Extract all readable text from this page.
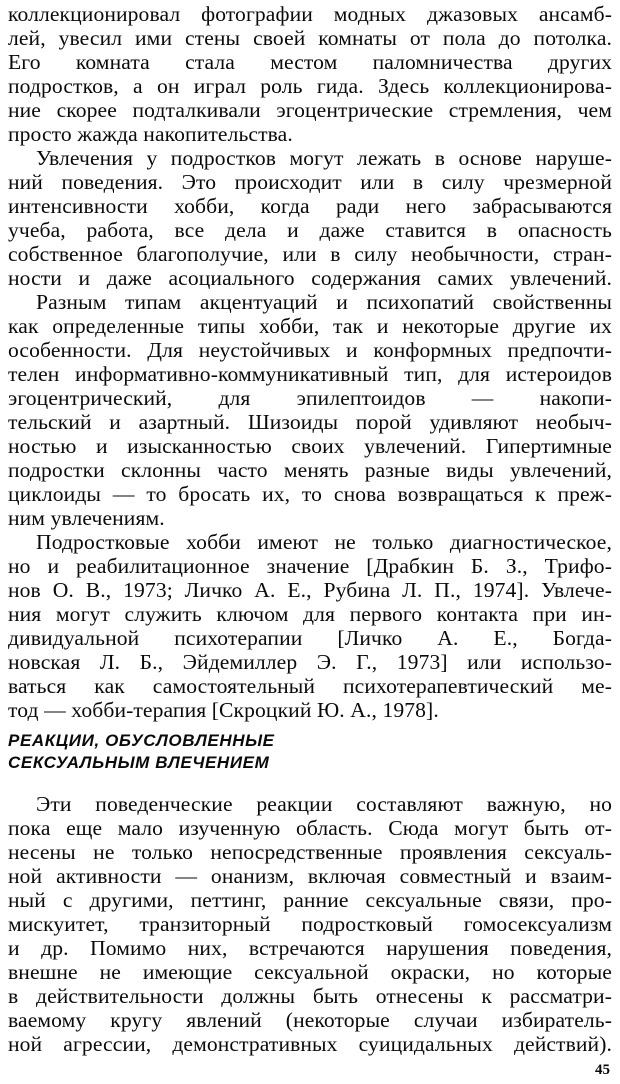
коллекционировал фотографии модных джазовых ансамб-
лей, увесил ими стены своей комнаты от пола до потолка.
Его комната стала местом паломничества других
подростков, а он играл роль гида. Здесь коллекционирова-
ние скорее подталкивали эгоцентрические стремления, чем
просто жажда накопительства.
Увлечения у подростков могут лежать в основе наруше-
ний поведения. Это происходит или в силу чрезмерной
интенсивности хобби, когда ради него забрасываются
учеба, работа, все дела и даже ставится в опасность
собственное благополучие, или в силу необычности, стран-
ности и даже асоциального содержания самих увлечений.
Разным типам акцентуаций и психопатий свойственны
как определенные типы хобби, так и некоторые другие их
особенности. Для неустойчивых и конформных предпочти-
телен информативно-коммуникативный тип, для истероидов
эгоцентрический, для эпилептоидов — накопи-
тельский и азартный. Шизоиды порой удивляют необыч-
ностью и изысканностью своих увлечений. Гипертимные
подростки склонны часто менять разные виды увлечений,
циклоиды — то бросать их, то снова возвращаться к преж-
ним увлечениям.
Подростковые хобби имеют не только диагностическое,
но и реабилитационное значение [Драбкин Б. З., Трифо-
нов О. В., 1973; Личко А. Е., Рубина Л. П., 1974]. Увлече-
ния могут служить ключом для первого контакта при ин-
дивидуальной психотерапии [Личко А. Е., Богда-
новская Л. Б., Эйдемиллер Э. Г., 1973] или использо-
ваться как самостоятельный психотерапевтический ме-
тод — хобби-терапия [Скроцкий Ю. А., 1978].
РЕАКЦИИ, ОБУСЛОВЛЕННЫЕ
СЕКСУАЛЬНЫМ ВЛЕЧЕНИЕМ
Эти поведенческие реакции составляют важную, но
пока еще мало изученную область. Сюда могут быть от-
несены не только непосредственные проявления сексуаль-
ной активности — онанизм, включая совместный и взаим-
ный с другими, петтинг, ранние сексуальные связи, про-
мискуитет, транзиторный подростковый гомосексуализм
и др. Помимо них, встречаются нарушения поведения,
внешне не имеющие сексуальной окраски, но которые
в действительности должны быть отнесены к рассматри-
ваемому кругу явлений (некоторые случаи избиратель-
ной агрессии, демонстративных суицидальных действий).
45
